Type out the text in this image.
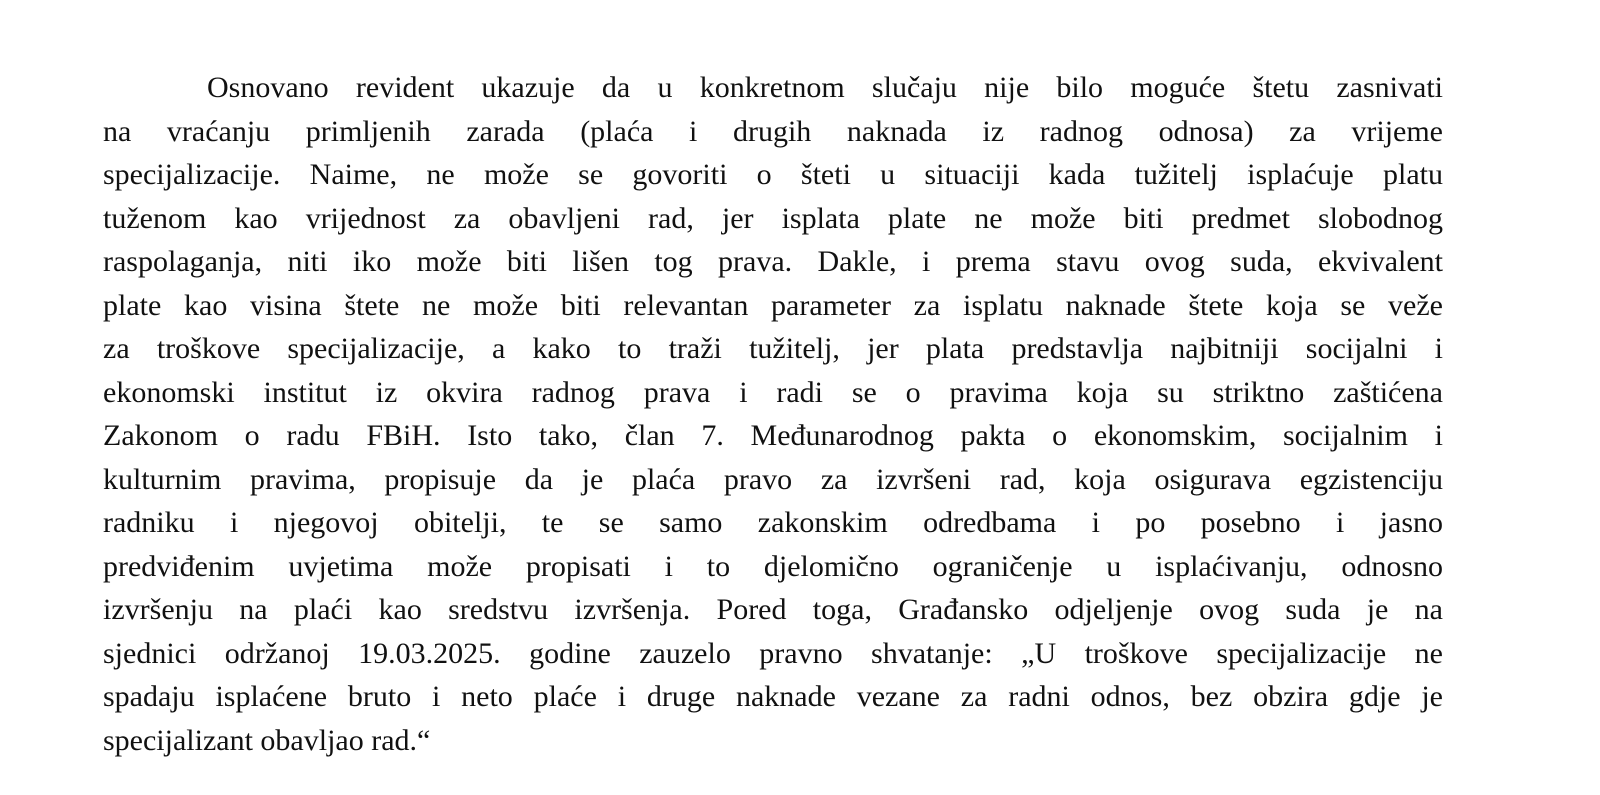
Osnovano revident ukazuje da u konkretnom slučaju nije bilo moguće štetu zasnivati
na vraćanju primljenih zarada (plaća i drugih naknada iz radnog odnosa) za vrijeme
specijalizacije. Naime, ne može se govoriti o šteti u situaciji kada tužitelj isplaćuje platu
tuženom kao vrijednost za obavljeni rad, jer isplata plate ne može biti predmet slobodnog
raspolaganja, niti iko može biti lišen tog prava. Dakle, i prema stavu ovog suda, ekvivalent
plate kao visina štete ne može biti relevantan parameter za isplatu naknade štete koja se veže
za troškove specijalizacije, a kako to traži tužitelj, jer plata predstavlja najbitniji socijalni i
ekonomski institut iz okvira radnog prava i radi se o pravima koja su striktno zaštićena
Zakonom o radu FBiH. Isto tako, član 7. Međunarodnog pakta o ekonomskim, socijalnim i
kulturnim pravima, propisuje da je plaća pravo za izvršeni rad, koja osigurava egzistenciju
radniku i njegovoj obitelji, te se samo zakonskim odredbama i po posebno i jasno
predviđenim uvjetima može propisati i to djelomično ograničenje u isplaćivanju, odnosno
izvršenju na plaći kao sredstvu izvršenja. Pored toga, Građansko odjeljenje ovog suda je na
sjednici održanoj 19.03.2025. godine zauzelo pravno shvatanje: „U troškove specijalizacije ne
spadaju isplaćene bruto i neto plaće i druge naknade vezane za radni odnos, bez obzira gdje je
specijalizant obavljao rad.“
